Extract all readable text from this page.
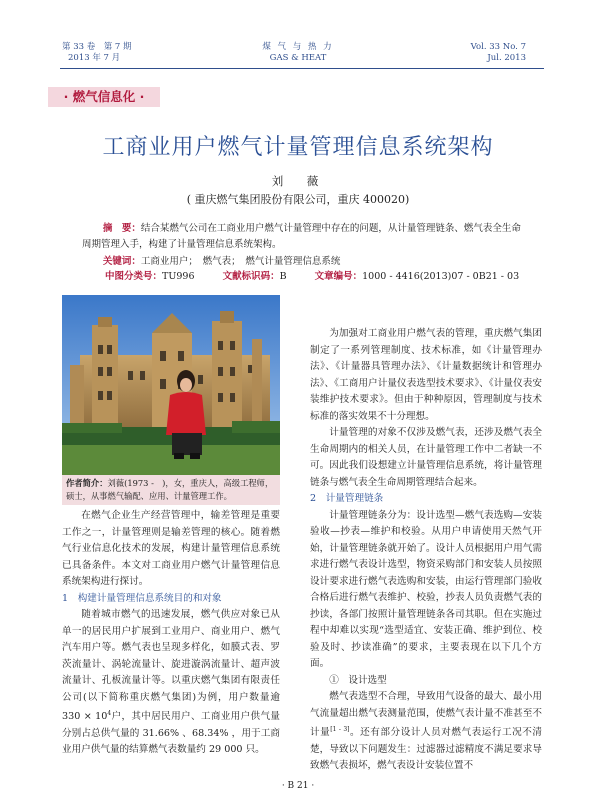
第 33 卷　第 7 期
2013 年 7 月
煤 气 与 热 力
GAS & HEAT
Vol. 33 No. 7
Jul. 2013
· 燃气信息化 ·
工商业用户燃气计量管理信息系统架构
刘　薇
( 重庆燃气集团股份有限公司，重庆 400020)
摘　要：结合某燃气公司在工商业用户燃气计量管理中存在的问题，从计量管理链条、燃气表全生命周期管理入手，构建了计量管理信息系统架构。
关键词：工商业用户；　燃气表；　燃气计量管理信息系统
中图分类号：TU996	文献标识码：B	文章编号：1000 - 4416(2013)07 - 0B21 - 03
作者简介：刘薇(1973 -　)，女，重庆人，高级工程师，硕士，从事燃气输配、应用、计量管理工作。

在燃气企业生产经营管理中，输差管理是重要工作之一，计量管理则是输差管理的核心。随着燃气行业信息化技术的发展，构建计量管理信息系统已具备条件。本文对工商业用户燃气计量管理信息系统架构进行探讨。

1　构建计量管理信息系统目的和对象

随着城市燃气的迅速发展，燃气供应对象已从单一的居民用户扩展到工业用户、商业用户、燃气汽车用户等。燃气表也呈现多样化，如膜式表、罗茨流量计、涡轮流量计、旋进漩涡流量计、超声波流量计、孔板流量计等。以重庆燃气集团有限责任公司(以下简称重庆燃气集团)为例，用户数量逾 $330 \times 10^4$户，其中居民用户、工商业用户供气量分别占总供气量的 31.66% 、68.34% ，用于工商业用户供气量的结算燃气表数量约 29 000 只。

为加强对工商业用户燃气表的管理，重庆燃气集团制定了一系列管理制度、技术标准，如《计量管理办法》、《计量器具管理办法》、《计量数据统计和管理办法》、《工商用户计量仪表选型技术要求》、《计量仪表安装维护技术要求》。但由于种种原因，管理制度与技术标准的落实效果不十分理想。

计量管理的对象不仅涉及燃气表，还涉及燃气表全生命周期内的相关人员，在计量管理工作中二者缺一不可。因此我们设想建立计量管理信息系统，将计量管理链条与燃气表全生命周期管理结合起来。

2　计量管理链条

计量管理链条分为：设计选型—燃气表选购—安装验收—抄表—维护和校验。从用户申请使用天然气开始，计量管理链条就开始了。设计人员根据用户用气需求进行燃气表设计选型，物资采购部门和安装人员按照设计要求进行燃气表选购和安装，由运行管理部门验收合格后进行燃气表维护、校验，抄表人员负责燃气表的抄读，各部门按照计量管理链条各司其职。但在实施过程中却难以实现“选型适宜、安装正确、维护到位、校验及时、抄读准确”的要求，主要表现在以下几个方面。

①　设计选型

燃气表选型不合理，导致用气设备的最大、最小用气流量超出燃气表测量范围，使燃气表计量不准甚至不计量[1 - 3]。还有部分设计人员对燃气表运行工况不清楚，导致以下问题发生：过滤器过滤精度不满足要求导致燃气表损坏，燃气表设计安装位置不

· B 21 ·
